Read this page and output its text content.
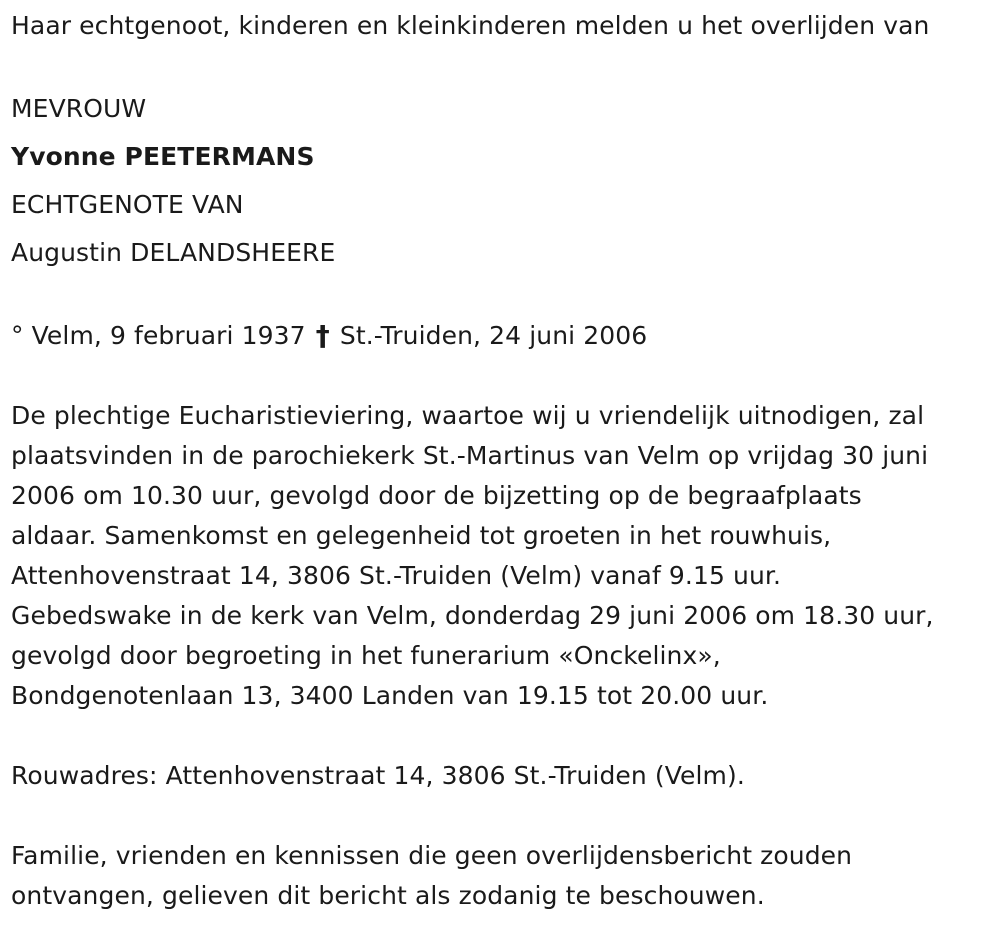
Haar echtgenoot, kinderen en kleinkinderen melden u het overlijden van
MEVROUW
Yvonne PEETERMANS
ECHTGENOTE VAN
Augustin DELANDSHEERE
° Velm, 9 februari 1937 † St.-Truiden, 24 juni 2006
De plechtige Eucharistieviering, waartoe wij u vriendelijk uitnodigen, zal
plaatsvinden in de parochiekerk St.-Martinus van Velm op vrijdag 30 juni
2006 om 10.30 uur, gevolgd door de bijzetting op de begraafplaats
aldaar. Samenkomst en gelegenheid tot groeten in het rouwhuis,
Attenhovenstraat 14, 3806 St.-Truiden (Velm) vanaf 9.15 uur.
Gebedswake in de kerk van Velm, donderdag 29 juni 2006 om 18.30 uur,
gevolgd door begroeting in het funerarium «Onckelinx»,
Bondgenotenlaan 13, 3400 Landen van 19.15 tot 20.00 uur.
Rouwadres: Attenhovenstraat 14, 3806 St.-Truiden (Velm).
Familie, vrienden en kennissen die geen overlijdensbericht zouden
ontvangen, gelieven dit bericht als zodanig te beschouwen.
